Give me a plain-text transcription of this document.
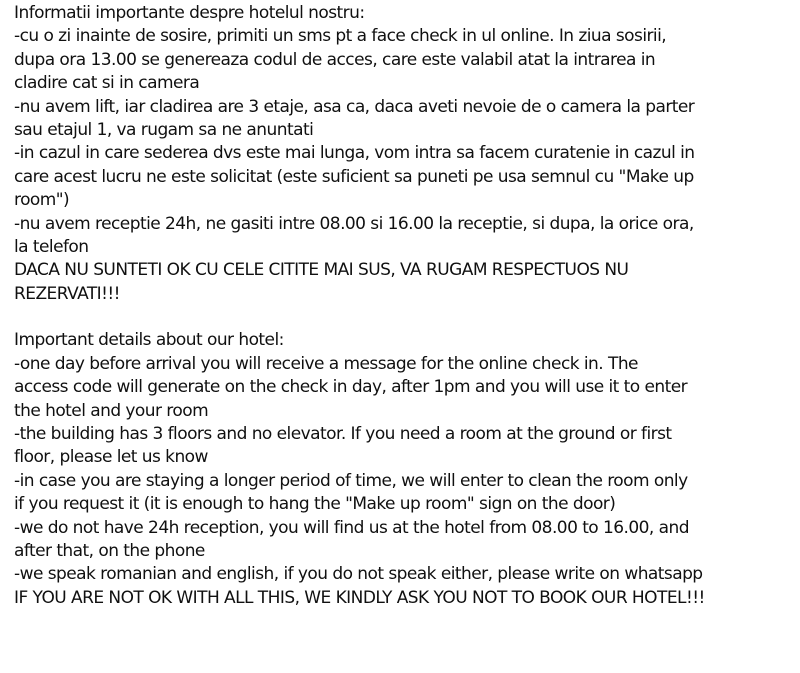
Informatii importante despre hotelul nostru:
-cu o zi inainte de sosire, primiti un sms pt a face check in ul online. In ziua sosirii,
dupa ora 13.00 se genereaza codul de acces, care este valabil atat la intrarea in
cladire cat si in camera
-nu avem lift, iar cladirea are 3 etaje, asa ca, daca aveti nevoie de o camera la parter
sau etajul 1, va rugam sa ne anuntati
-in cazul in care sederea dvs este mai lunga, vom intra sa facem curatenie in cazul in
care acest lucru ne este solicitat (este suficient sa puneti pe usa semnul cu "Make up
room")
-nu avem receptie 24h, ne gasiti intre 08.00 si 16.00 la receptie, si dupa, la orice ora,
la telefon
DACA NU SUNTETI OK CU CELE CITITE MAI SUS, VA RUGAM RESPECTUOS NU
REZERVATI!!!
Important details about our hotel:
-one day before arrival you will receive a message for the online check in. The
access code will generate on the check in day, after 1pm and you will use it to enter
the hotel and your room
-the building has 3 floors and no elevator. If you need a room at the ground or first
floor, please let us know
-in case you are staying a longer period of time, we will enter to clean the room only
if you request it (it is enough to hang the "Make up room" sign on the door)
-we do not have 24h reception, you will find us at the hotel from 08.00 to 16.00, and
after that, on the phone
-we speak romanian and english, if you do not speak either, please write on whatsapp
IF YOU ARE NOT OK WITH ALL THIS, WE KINDLY ASK YOU NOT TO BOOK OUR HOTEL!!!
